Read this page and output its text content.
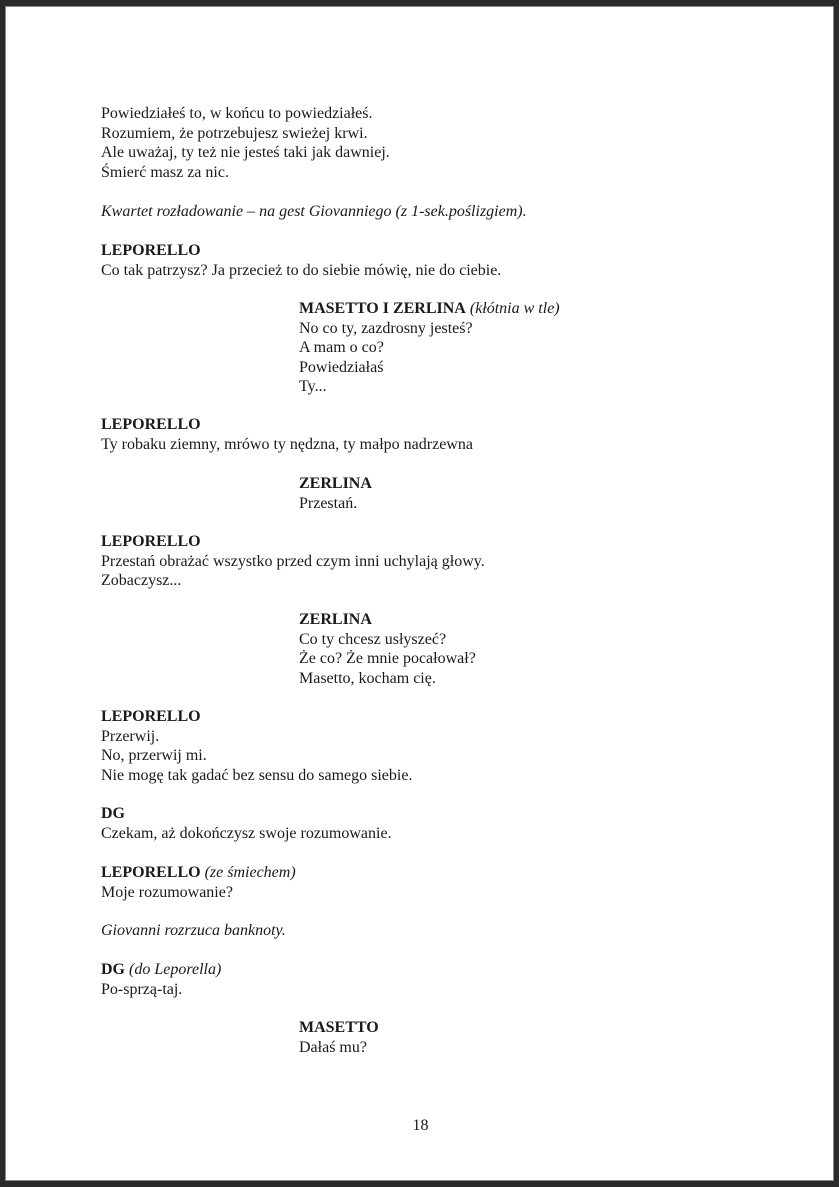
Powiedziałeś to, w końcu to powiedziałeś.
Rozumiem, że potrzebujesz swieżej krwi.
Ale uważaj, ty też nie jesteś taki jak dawniej.
Śmierć masz za nic.
Kwartet rozładowanie – na gest Giovanniego (z 1-sek.poślizgiem).
LEPORELLO
Co tak patrzysz? Ja przecież to do siebie mówię, nie do ciebie.
MASETTO I ZERLINA (kłótnia w tle)
No co ty, zazdrosny jesteś?
A mam o co?
Powiedziałaś
Ty...
LEPORELLO
Ty robaku ziemny, mrówo ty nędzna, ty małpo nadrzewna
ZERLINA
Przestań.
LEPORELLO
Przestań obrażać wszystko przed czym inni uchylają głowy.
Zobaczysz...
ZERLINA
Co ty chcesz usłyszeć?
Że co? Że mnie pocałował?
Masetto, kocham cię.
LEPORELLO
Przerwij.
No, przerwij mi.
Nie mogę tak gadać bez sensu do samego siebie.
DG
Czekam, aż dokończysz swoje rozumowanie.
LEPORELLO (ze śmiechem)
Moje rozumowanie?
Giovanni rozrzuca banknoty.
DG (do Leporella)
Po-sprzą-taj.
MASETTO
Dałaś mu?
18
